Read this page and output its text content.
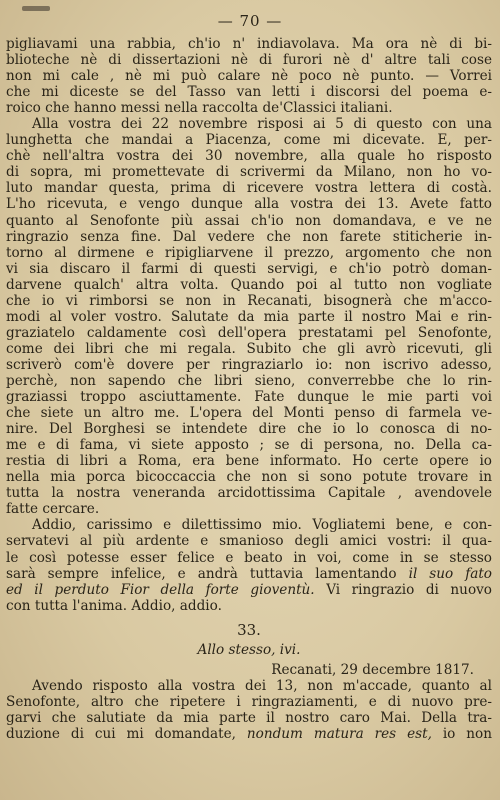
— 70 —
pigliavami una rabbia, ch'io n' indiavolava. Ma ora nè di bi-
blioteche nè di dissertazioni nè di furori nè d' altre tali cose
non mi cale , nè mi può calare nè poco nè punto. — Vorrei
che mi diceste se del Tasso van letti i discorsi del poema e-
roico che hanno messi nella raccolta de'Classici italiani.
Alla vostra dei 22 novembre risposi ai 5 di questo con una
lunghetta che mandai a Piacenza, come mi dicevate. E, per-
chè nell'altra vostra dei 30 novembre, alla quale ho risposto
di sopra, mi promettevate di scrivermi da Milano, non ho vo-
luto mandar questa, prima di ricevere vostra lettera di costà.
L'ho ricevuta, e vengo dunque alla vostra dei 13. Avete fatto
quanto al Senofonte più assai ch'io non domandava, e ve ne
ringrazio senza fine. Dal vedere che non farete stiticherie in-
torno al dirmene e ripigliarvene il prezzo, argomento che non
vi sia discaro il farmi di questi servigi, e ch'io potrò doman-
darvene qualch' altra volta. Quando poi al tutto non vogliate
che io vi rimborsi se non in Recanati, bisognerà che m'acco-
modi al voler vostro. Salutate da mia parte il nostro Mai e rin-
graziatelo caldamente così dell'opera prestatami pel Senofonte,
come dei libri che mi regala. Subito che gli avrò ricevuti, gli
scriverò com'è dovere per ringraziarlo io: non iscrivo adesso,
perchè, non sapendo che libri sieno, converrebbe che lo rin-
graziassi troppo asciuttamente. Fate dunque le mie parti voi
che siete un altro me. L'opera del Monti penso di farmela ve-
nire. Del Borghesi se intendete dire che io lo conosca di no-
me e di fama, vi siete apposto ; se di persona, no. Della ca-
restia di libri a Roma, era bene informato. Ho certe opere io
nella mia porca bicoccaccia che non si sono potute trovare in
tutta la nostra veneranda arcidottissima Capitale , avendovele
fatte cercare.
Addio, carissimo e dilettissimo mio. Vogliatemi bene, e con-
servatevi al più ardente e smanioso degli amici vostri: il qua-
le così potesse esser felice e beato in voi, come in se stesso
sarà sempre infelice, e andrà tuttavia lamentando il suo fato
ed il perduto Fior della forte gioventù. Vi ringrazio di nuovo
con tutta l'anima. Addio, addio.
33.
Allo stesso, ivi.
Recanati, 29 decembre 1817.
Avendo risposto alla vostra dei 13, non m'accade, quanto al
Senofonte, altro che ripetere i ringraziamenti, e di nuovo pre-
garvi che salutiate da mia parte il nostro caro Mai. Della tra-
duzione di cui mi domandate, nondum matura res est, io non
